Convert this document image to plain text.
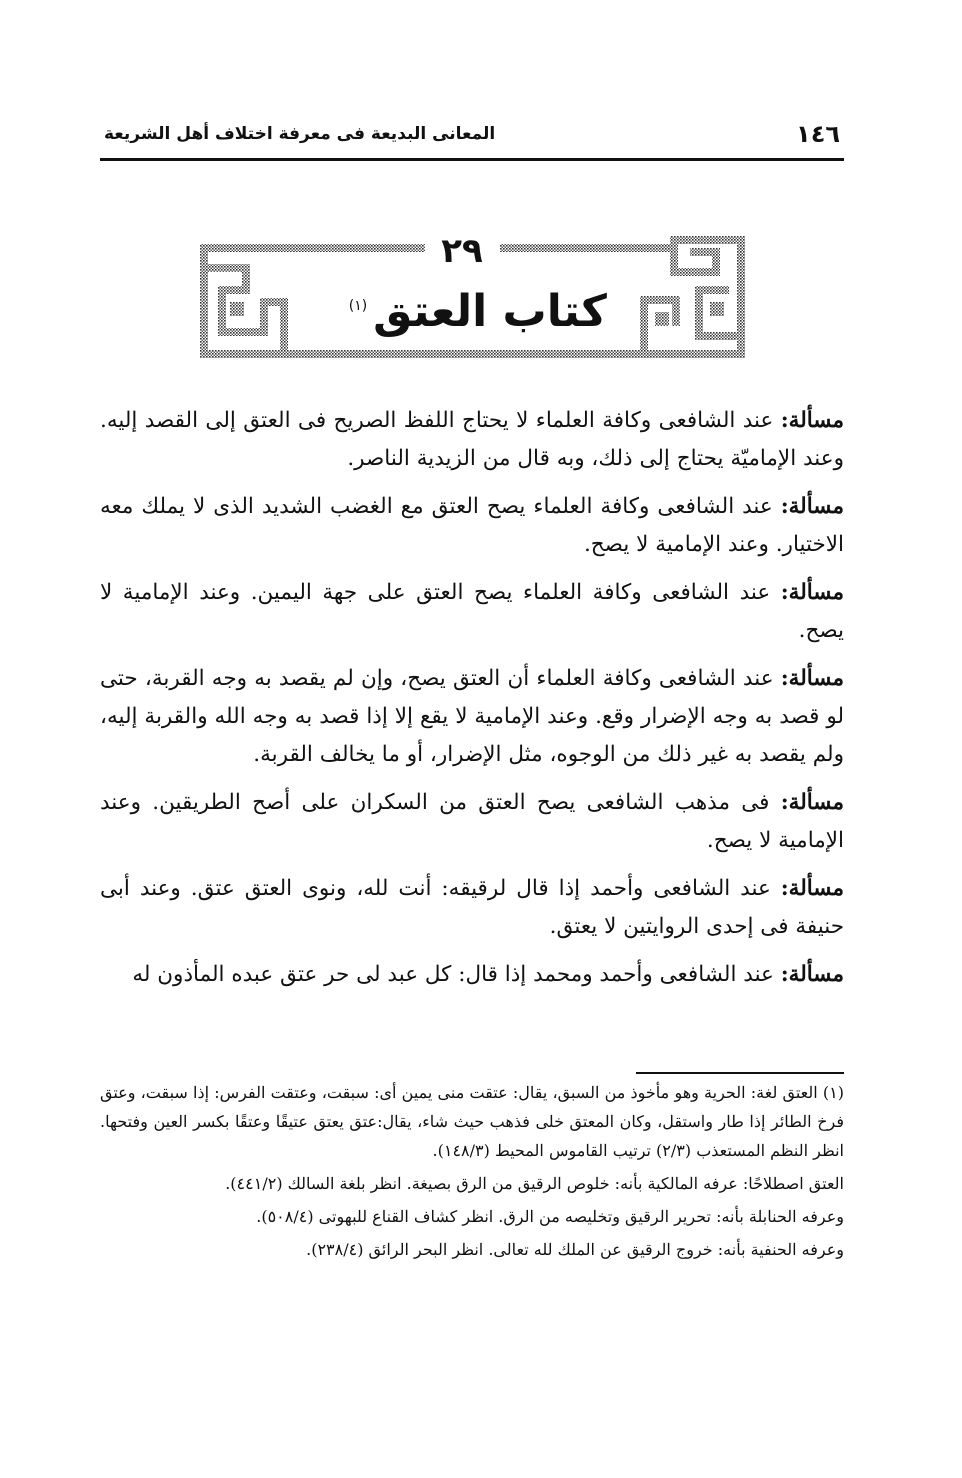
١٤٦
المعانى البديعة فى معرفة اختلاف أهل الشريعة
٢٩
كتاب العتق
(١)

مسألة: عند الشافعى وكافة العلماء لا يحتاج اللفظ الصريح فى العتق إلى القصد إليه. وعند الإماميّة يحتاج إلى ذلك، وبه قال من الزيدية الناصر.

مسألة: عند الشافعى وكافة العلماء يصح العتق مع الغضب الشديد الذى لا يملك معه الاختيار. وعند الإمامية لا يصح.

مسألة: عند الشافعى وكافة العلماء يصح العتق على جهة اليمين. وعند الإمامية لا يصح.

مسألة: عند الشافعى وكافة العلماء أن العتق يصح، وإن لم يقصد به وجه القربة، حتى لو قصد به وجه الإضرار وقع. وعند الإمامية لا يقع إلا إذا قصد به وجه الله والقربة إليه، ولم يقصد به غير ذلك من الوجوه، مثل الإضرار، أو ما يخالف القربة.

مسألة: فى مذهب الشافعى يصح العتق من السكران على أصح الطريقين. وعند الإمامية لا يصح.

مسألة: عند الشافعى وأحمد إذا قال لرقيقه: أنت لله، ونوى العتق عتق. وعند أبى حنيفة فى إحدى الروايتين لا يعتق.

مسألة: عند الشافعى وأحمد ومحمد إذا قال: كل عبد لى حر عتق عبده المأذون له

(١) العتق لغة: الحرية وهو مأخوذ من السبق، يقال: عتقت منى يمين أى: سبقت، وعتقت الفرس: إذا سبقت، وعتق فرخ الطائر إذا طار واستقل، وكان المعتق خلى فذهب حيث شاء، يقال:عتق يعتق عتيقًا وعتقًا بكسر العين وفتحها. انظر النظم المستعذب (٢/٣) ترتيب القاموس المحيط (١٤٨/٣).

العتق اصطلاحًا: عرفه المالكية بأنه: خلوص الرقيق من الرق بصيغة. انظر بلغة السالك (٤٤١/٢).

وعرفه الحنابلة بأنه: تحرير الرقيق وتخليصه من الرق. انظر كشاف القناع للبهوتى (٥٠٨/٤).

وعرفه الحنفية بأنه: خروج الرقيق عن الملك لله تعالى. انظر البحر الرائق (٢٣٨/٤).
